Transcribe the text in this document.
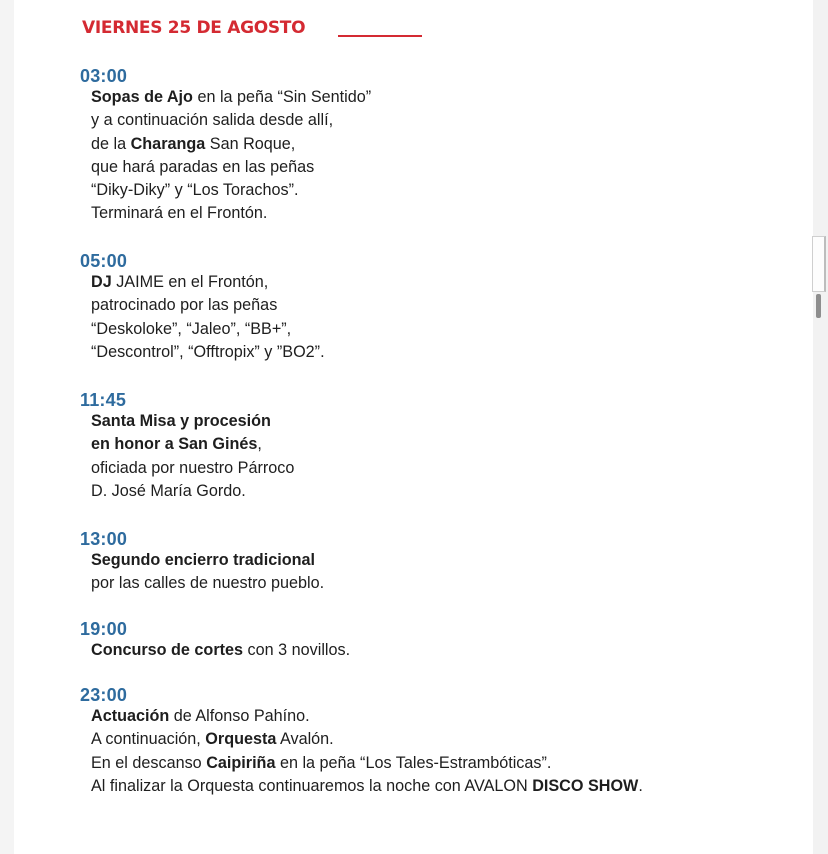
VIERNES 25 DE AGOSTO
03:00
Sopas de Ajo en la peña “Sin Sentido”
y a continuación salida desde allí,
de la Charanga San Roque,
que hará paradas en las peñas
“Diky-Diky” y “Los Torachos”.
Terminará en el Frontón.
05:00
DJ JAIME en el Frontón,
patrocinado por las peñas
“Deskoloke”, “Jaleo”, “BB+”,
“Descontrol”, “Offtropix” y ”BO2”.
11:45
Santa Misa y procesión
en honor a San Ginés,
oficiada por nuestro Párroco
D. José María Gordo.
13:00
Segundo encierro tradicional
por las calles de nuestro pueblo.
19:00
Concurso de cortes con 3 novillos.
23:00
Actuación de Alfonso Pahíno.
A continuación, Orquesta Avalón.
En el descanso Caipiriña en la peña “Los Tales-Estrambóticas”.
Al finalizar la Orquesta continuaremos la noche con AVALON DISCO SHOW.
